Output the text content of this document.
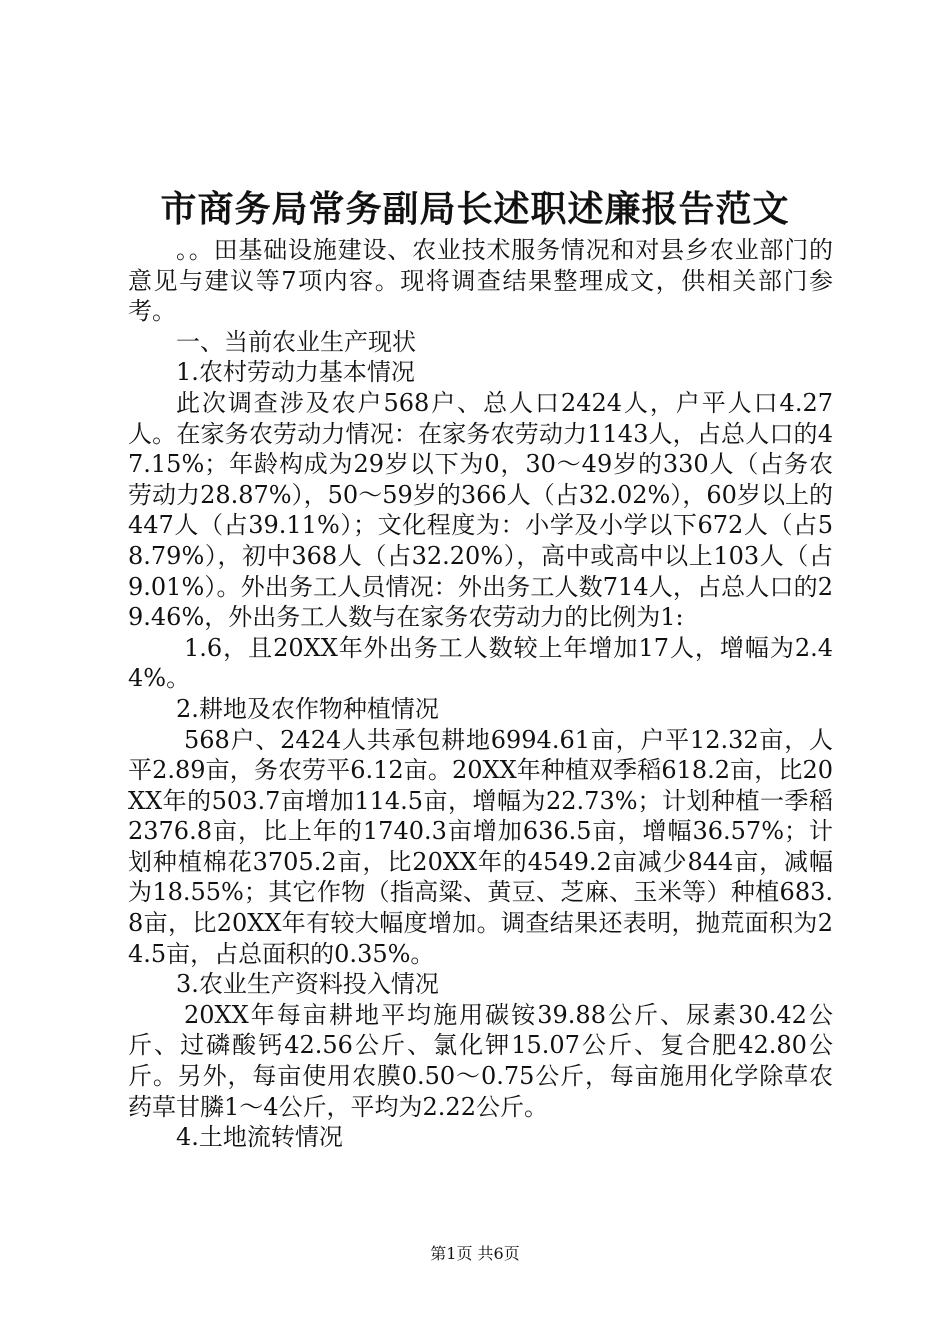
市商务局常务副局长述职述廉报告范文

。。田基础设施建设、农业技术服务情况和对县乡农业部门的意见与建议等7项内容。现将调查结果整理成文，供相关部门参考。

一、当前农业生产现状

1.农村劳动力基本情况

此次调查涉及农户568户、总人口2424人，户平人口4.27人。在家务农劳动力情况：在家务农劳动力1143人，占总人口的47.15%；年龄构成为29岁以下为0，30～49岁的330人（占务农劳动力28.87%），50～59岁的366人（占32.02%），60岁以上的447人（占39.11%）；文化程度为：小学及小学以下672人（占58.79%），初中368人（占32.20%），高中或高中以上103人（占9.01%）。外出务工人员情况：外出务工人数714人，占总人口的29.46%，外出务工人数与在家务农劳动力的比例为1:

1.6，且20XX年外出务工人数较上年增加17人，增幅为2.44%。

2.耕地及农作物种植情况

568户、2424人共承包耕地6994.61亩，户平12.32亩，人平2.89亩，务农劳平6.12亩。20XX年种植双季稻618.2亩，比20XX年的503.7亩增加114.5亩，增幅为22.73%；计划种植一季稻2376.8亩，比上年的1740.3亩增加636.5亩，增幅36.57%；计划种植棉花3705.2亩，比20XX年的4549.2亩减少844亩，减幅为18.55%；其它作物（指高粱、黄豆、芝麻、玉米等）种植683.8亩，比20XX年有较大幅度增加。调查结果还表明，抛荒面积为24.5亩，占总面积的0.35%。

3.农业生产资料投入情况

20XX年每亩耕地平均施用碳铵39.88公斤、尿素30.42公斤、过磷酸钙42.56公斤、氯化钾15.07公斤、复合肥42.80公斤。另外，每亩使用农膜0.50～0.75公斤，每亩施用化学除草农药草甘膦1～4公斤，平均为2.22公斤。

4.土地流转情况

第1页 共6页
